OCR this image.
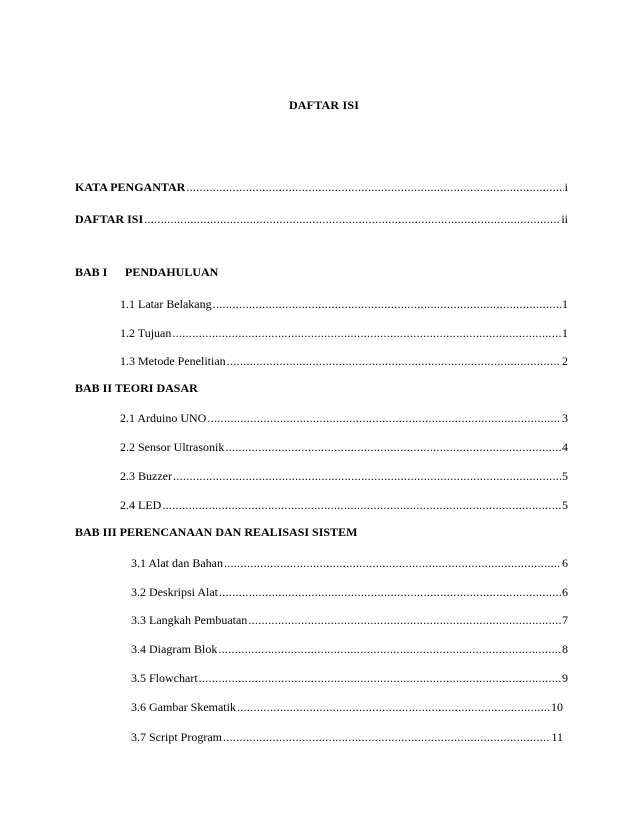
DAFTAR ISI
KATA PENGANTAR .....	i
DAFTAR ISI .....	ii
BAB I PENDAHULUAN
1.1 Latar Belakang .....	1
1.2 Tujuan .....	1
1.3 Metode Penelitian .....	2
BAB II TEORI DASAR
2.1 Arduino UNO .....	3
2.2 Sensor Ultrasonik .....	4
2.3 Buzzer .....	5
2.4 LED .....	5
BAB III PERENCANAAN DAN REALISASI SISTEM
3.1 Alat dan Bahan .....	6
3.2 Deskripsi Alat .....	6
3.3 Langkah Pembuatan .....	7
3.4 Diagram Blok .....	8
3.5 Flowchart .....	9
3.6 Gambar Skematik .....	10
3.7 Script Program .....	11
